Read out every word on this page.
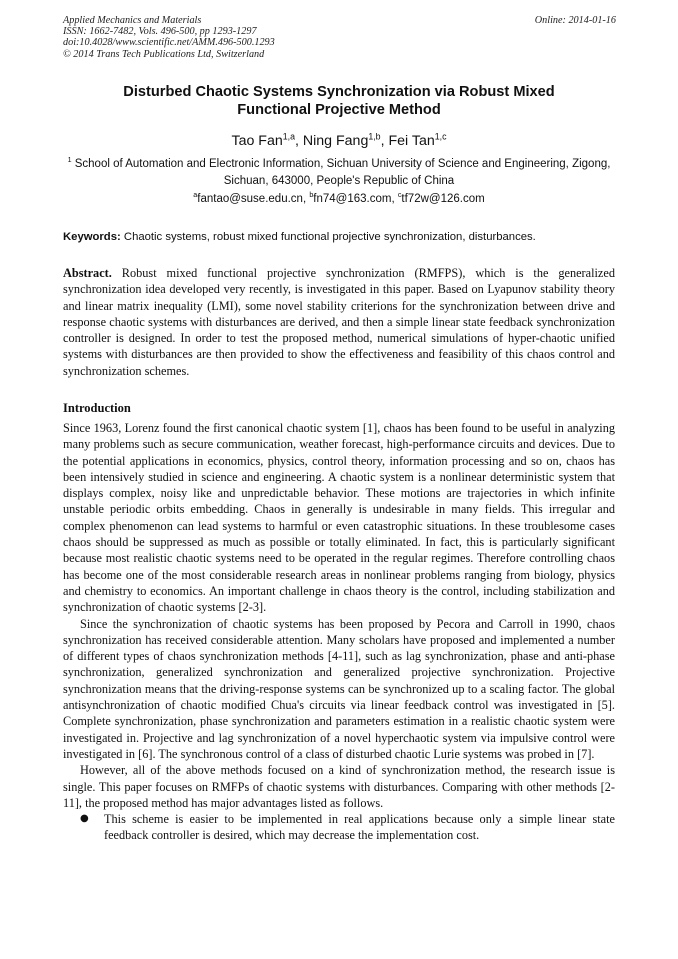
Applied Mechanics and Materials
ISSN: 1662-7482, Vols. 496-500, pp 1293-1297
doi:10.4028/www.scientific.net/AMM.496-500.1293
© 2014 Trans Tech Publications Ltd, Switzerland
Online: 2014-01-16
Disturbed Chaotic Systems Synchronization via Robust Mixed
Functional Projective Method
Tao Fan$^{1,a}$, Ning Fang$^{1,b}$, Fei Tan$^{1,c}$
$^1$ School of Automation and Electronic Information, Sichuan University of Science and Engineering, Zigong, Sichuan, 643000, People's Republic of China
$^a$fantao@suse.edu.cn, $^b$fn74@163.com, $^c$tf72w@126.com
Keywords: Chaotic systems, robust mixed functional projective synchronization, disturbances.
Abstract. Robust mixed functional projective synchronization (RMFPS), which is the generalized synchronization idea developed very recently, is investigated in this paper. Based on Lyapunov stability theory and linear matrix inequality (LMI), some novel stability criterions for the synchronization between drive and response chaotic systems with disturbances are derived, and then a simple linear state feedback synchronization controller is designed. In order to test the proposed method, numerical simulations of hyper-chaotic unified systems with disturbances are then provided to show the effectiveness and feasibility of this chaos control and synchronization schemes.
Introduction

Since 1963, Lorenz found the first canonical chaotic system [1], chaos has been found to be useful in analyzing many problems such as secure communication, weather forecast, high-performance circuits and devices. Due to the potential applications in economics, physics, control theory, information processing and so on, chaos has been intensively studied in science and engineering. A chaotic system is a nonlinear deterministic system that displays complex, noisy like and unpredictable behavior. These motions are trajectories in which infinite unstable periodic orbits embedding. Chaos in generally is undesirable in many fields. This irregular and complex phenomenon can lead systems to harmful or even catastrophic situations. In these troublesome cases chaos should be suppressed as much as possible or totally eliminated. In fact, this is particularly significant because most realistic chaotic systems need to be operated in the regular regimes. Therefore controlling chaos has become one of the most considerable research areas in nonlinear problems ranging from biology, physics and chemistry to economics. An important challenge in chaos theory is the control, including stabilization and synchronization of chaotic systems [2-3].

Since the synchronization of chaotic systems has been proposed by Pecora and Carroll in 1990, chaos synchronization has received considerable attention. Many scholars have proposed and implemented a number of different types of chaos synchronization methods [4-11], such as lag synchronization, phase and anti-phase synchronization, generalized synchronization and generalized projective synchronization. Projective synchronization means that the driving-response systems can be synchronized up to a scaling factor. The global antisynchronization of chaotic modified Chua's circuits via linear feedback control was investigated in [5]. Complete synchronization, phase synchronization and parameters estimation in a realistic chaotic system were investigated in. Projective and lag synchronization of a novel hyperchaotic system via impulsive control were investigated in [6]. The synchronous control of a class of disturbed chaotic Lurie systems was probed in [7].

However, all of the above methods focused on a kind of synchronization method, the research issue is single. This paper focuses on RMFPs of chaotic systems with disturbances. Comparing with other methods [2-11], the proposed method has major advantages listed as follows.

● This scheme is easier to be implemented in real applications because only a simple linear state feedback controller is desired, which may decrease the implementation cost.
